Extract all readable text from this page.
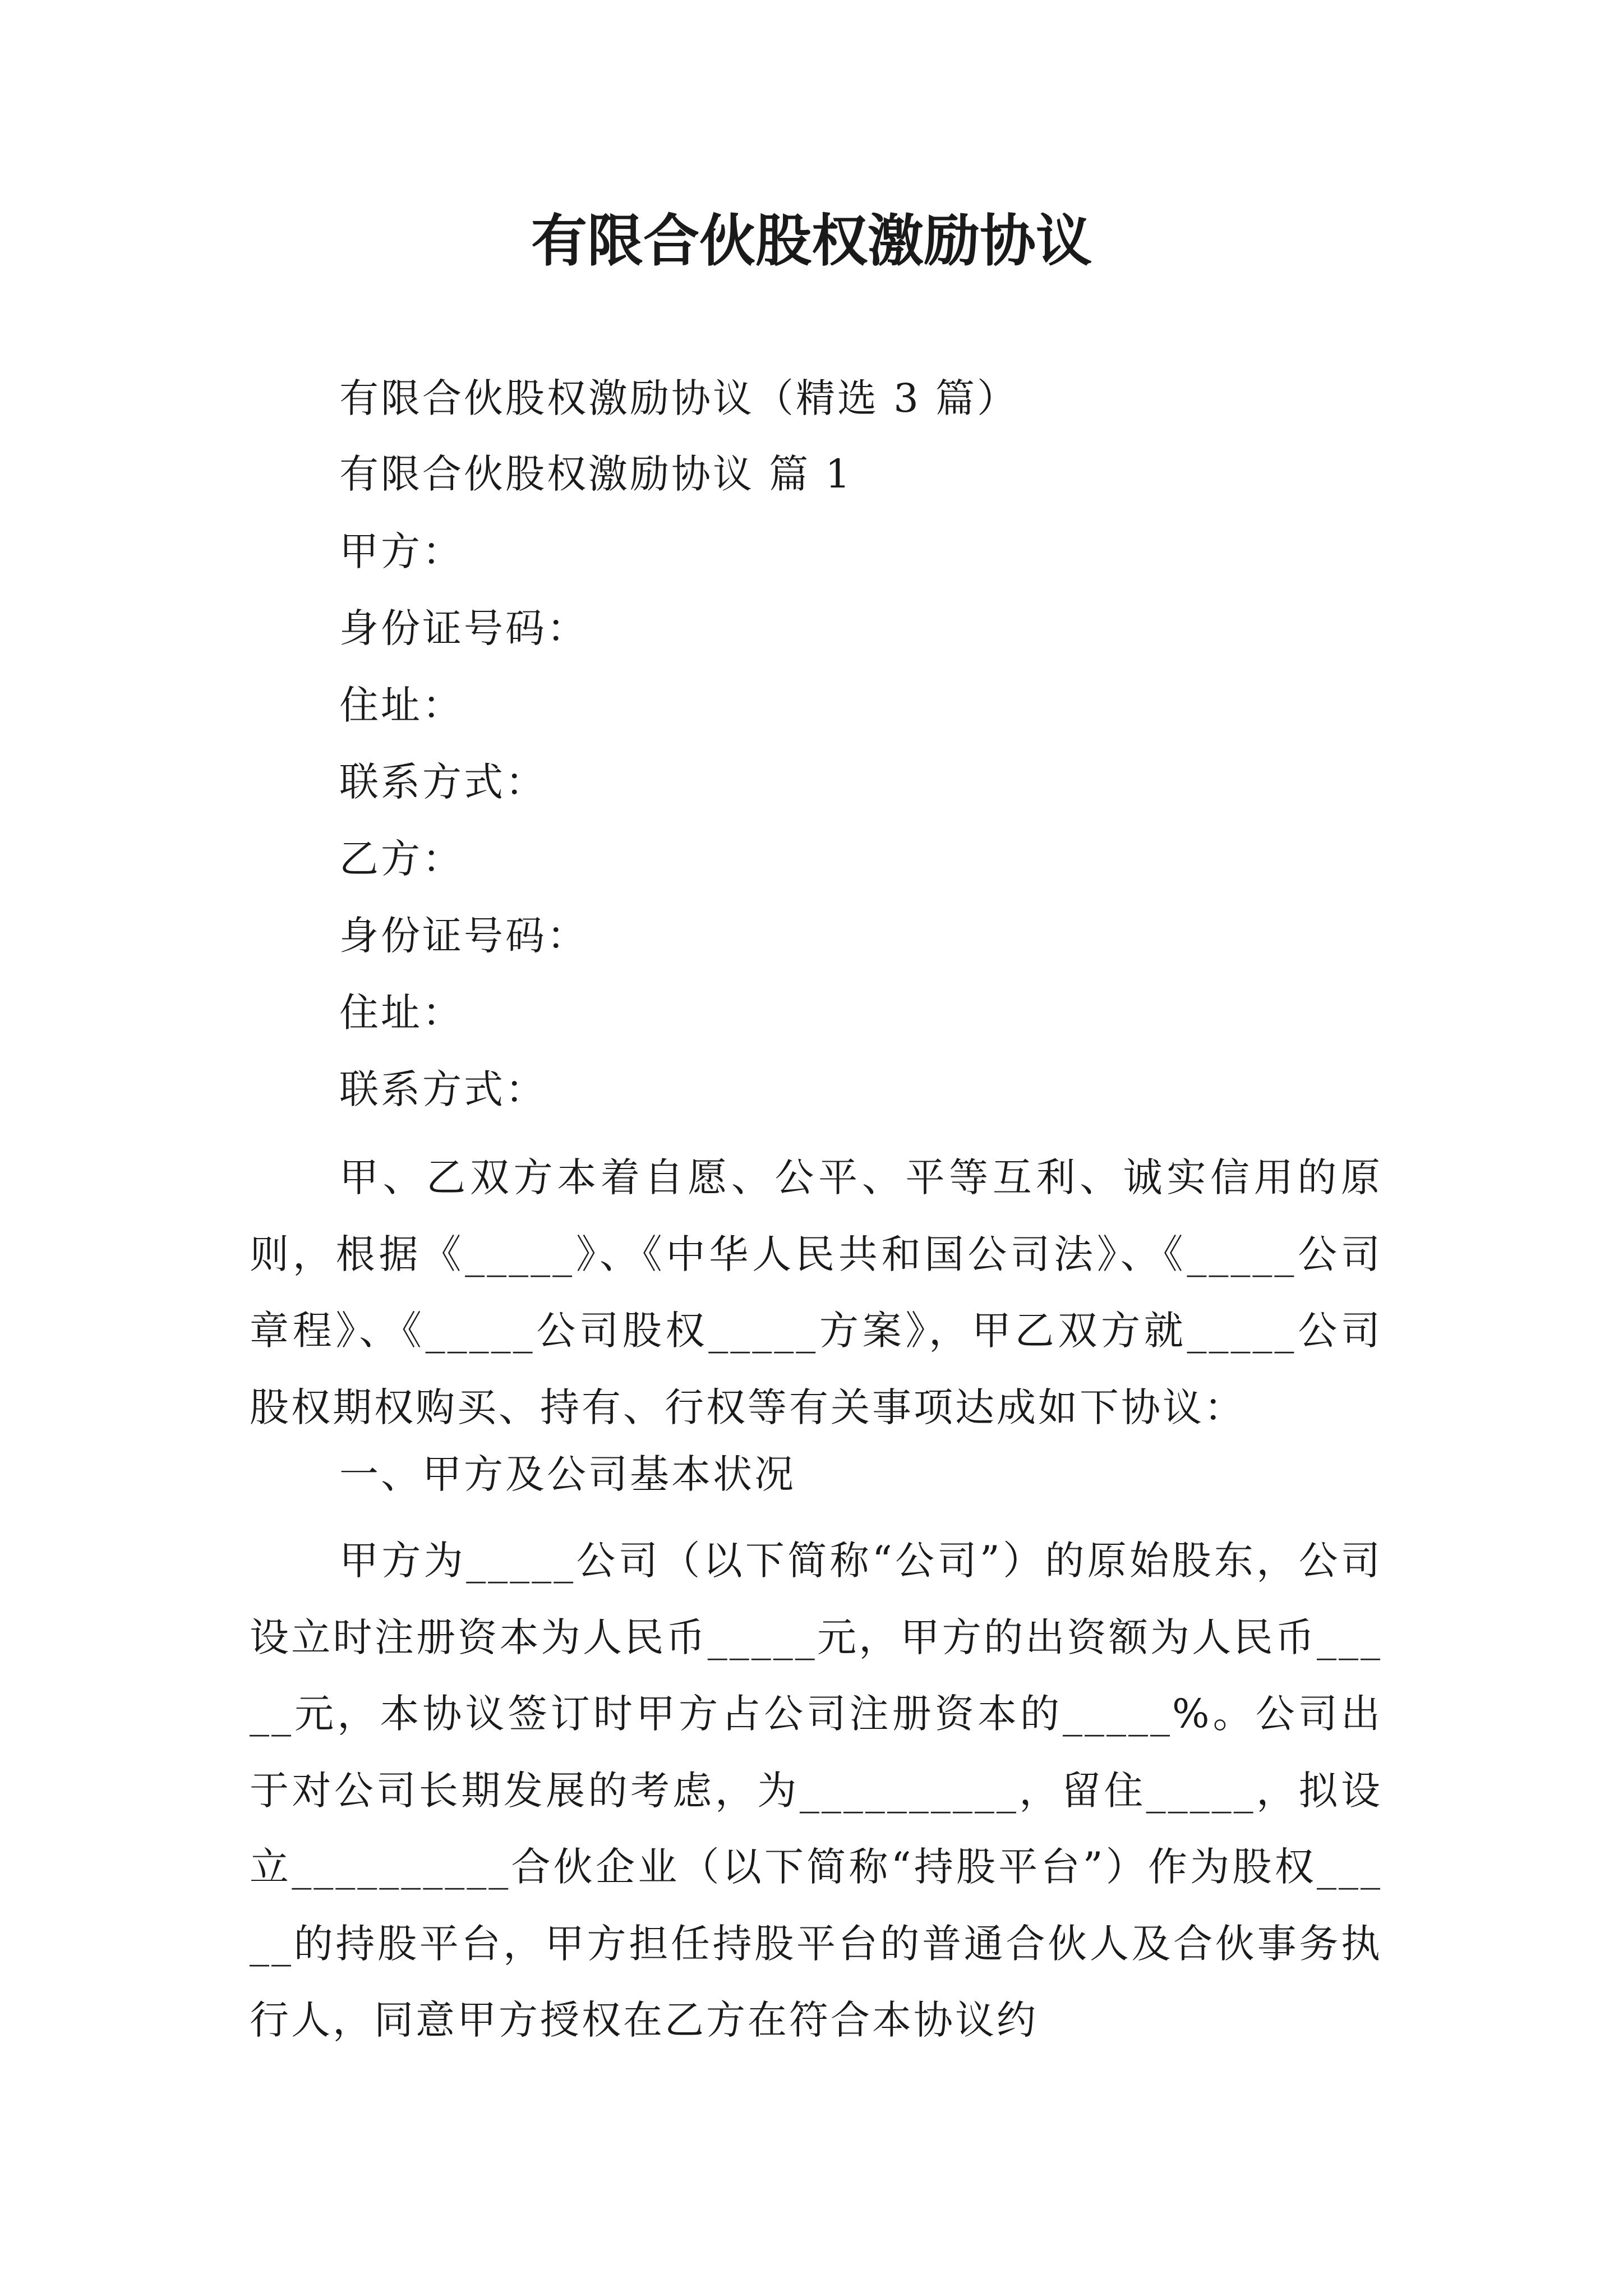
有限合伙股权激励协议
有限合伙股权激励协议（精选 3 篇）
有限合伙股权激励协议 篇 1
甲方：
身份证号码：
住址：
联系方式：
乙方：
身份证号码：
住址：
联系方式：

甲、乙双方本着自愿、公平、平等互利、诚实信用的原则，根据《_____》、《中华人民共和国公司法》、《_____公司章程》、《_____公司股权_____方案》，甲乙双方就_____公司股权期权购买、持有、行权等有关事项达成如下协议：

一、甲方及公司基本状况

甲方为_____公司（以下简称“公司”）的原始股东，公司设立时注册资本为人民币_____元，甲方的出资额为人民币_____元，本协议签订时甲方占公司注册资本的_____%。公司出于对公司长期发展的考虑，为__________，留住_____，拟设立__________合伙企业（以下简称“持股平台”）作为股权_____的持股平台，甲方担任持股平台的普通合伙人及合伙事务执行人，同意甲方授权在乙方在符合本协议约
